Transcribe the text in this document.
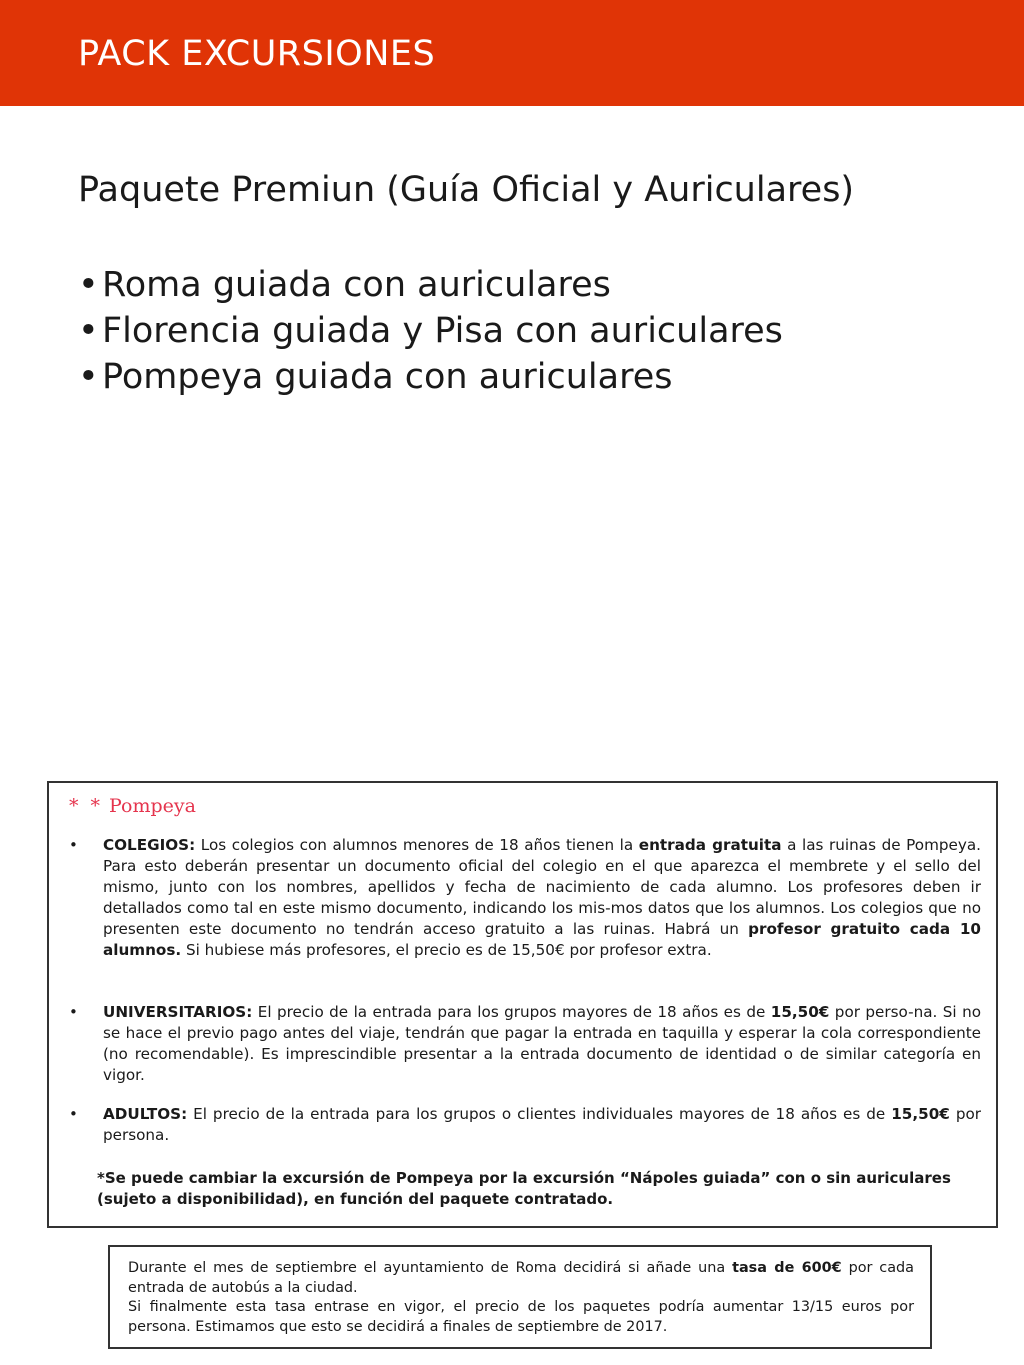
PACK EXCURSIONES
Paquete Premiun (Guía Oficial y Auriculares)
•Roma guiada con auriculares
•Florencia guiada y Pisa con auriculares
•Pompeya guiada con auriculares
* * Pompeya
• COLEGIOS: Los colegios con alumnos menores de 18 años tienen la entrada gratuita a las ruinas de Pompeya. Para esto deberán presentar un documento oficial del colegio en el que aparezca el membrete y el sello del mismo, junto con los nombres, apellidos y fecha de nacimiento de cada alumno. Los profesores deben ir detallados como tal en este mismo documento, indicando los mis-mos datos que los alumnos. Los colegios que no presenten este documento no tendrán acceso gratuito a las ruinas. Habrá un profesor gratuito cada 10 alumnos. Si hubiese más profesores, el precio es de 15,50€ por profesor extra.
• UNIVERSITARIOS: El precio de la entrada para los grupos mayores de 18 años es de 15,50€ por perso-na. Si no se hace el previo pago antes del viaje, tendrán que pagar la entrada en taquilla y esperar la cola correspondiente (no recomendable). Es imprescindible presentar a la entrada documento de identidad o de similar categoría en vigor.
• ADULTOS: El precio de la entrada para los grupos o clientes individuales mayores de 18 años es de 15,50€ por persona.
*Se puede cambiar la excursión de Pompeya por la excursión “Nápoles guiada” con o sin auriculares (sujeto a disponibilidad), en función del paquete contratado.
Durante el mes de septiembre el ayuntamiento de Roma decidirá si añade una tasa de 600€ por cada entrada de autobús a la ciudad.
Si finalmente esta tasa entrase en vigor, el precio de los paquetes podría aumentar 13/15 euros por persona. Estimamos que esto se decidirá a finales de septiembre de 2017.
